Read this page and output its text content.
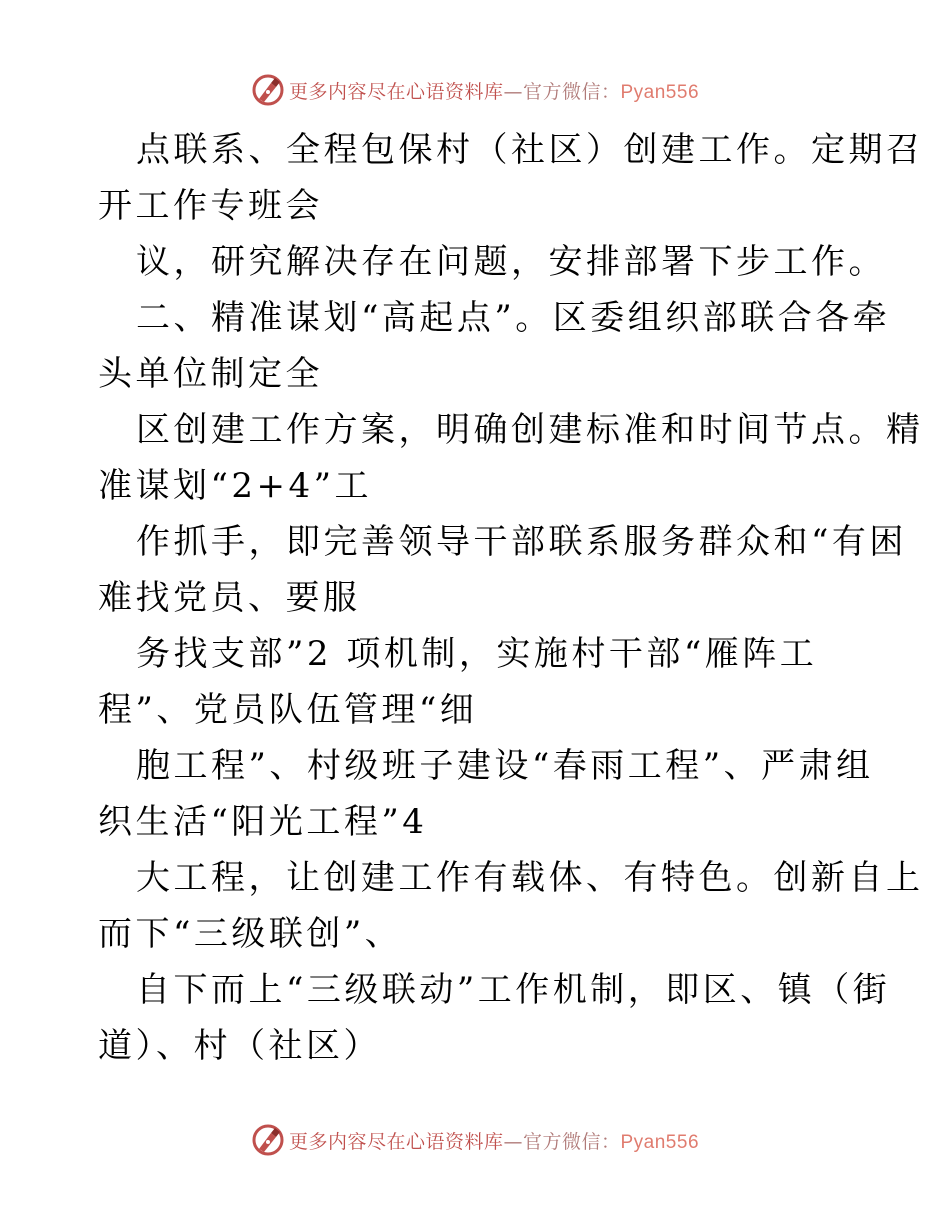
更多内容尽在心语资料库—官方微信：Pyan556
点联系、全程包保村（社区）创建工作。定期召
开工作专班会
议，研究解决存在问题，安排部署下步工作。
二、精准谋划“高起点”。区委组织部联合各牵
头单位制定全
区创建工作方案，明确创建标准和时间节点。精
准谋划“2+4”工
作抓手，即完善领导干部联系服务群众和“有困
难找党员、要服
务找支部”2 项机制，实施村干部“雁阵工
程”、党员队伍管理“细
胞工程”、村级班子建设“春雨工程”、严肃组
织生活“阳光工程”4
大工程，让创建工作有载体、有特色。创新自上
而下“三级联创”、
自下而上“三级联动”工作机制，即区、镇（街
道）、村（社区）
更多内容尽在心语资料库—官方微信：Pyan556
